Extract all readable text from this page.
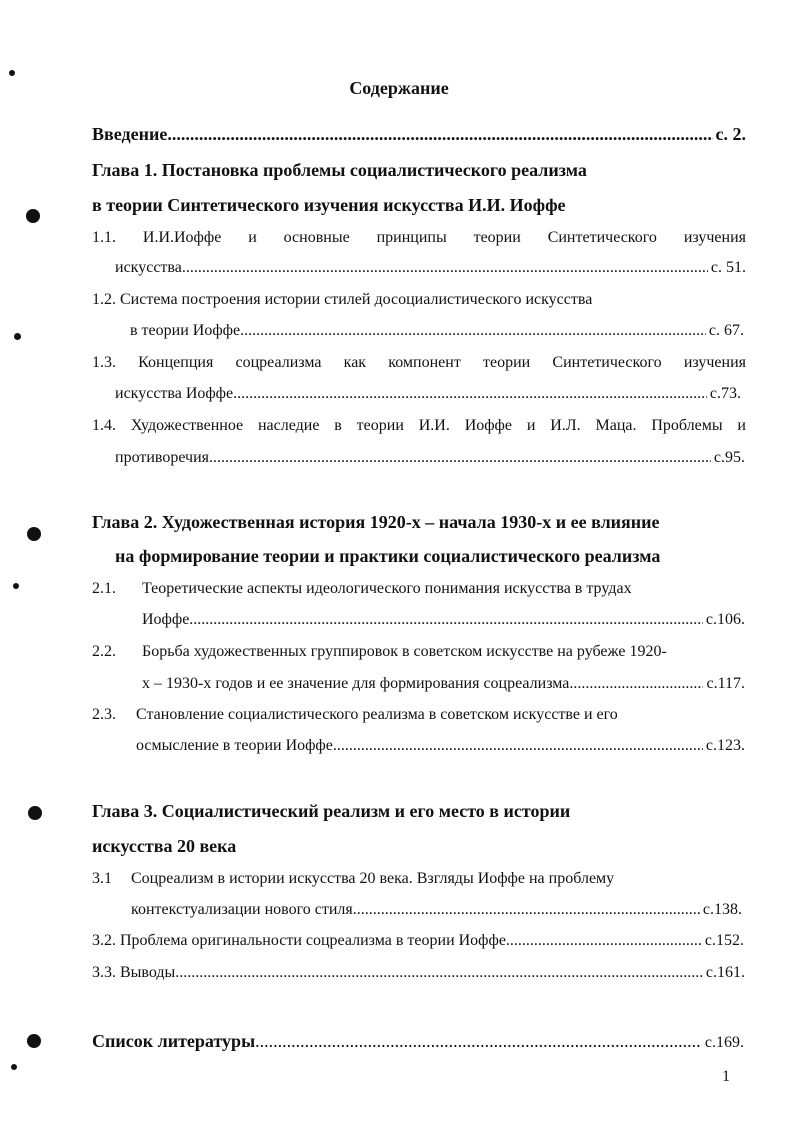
Содержание
Введение .....	с. 2.
Глава 1. Постановка проблемы социалистического реализма
в теории Синтетического изучения искусства И.И. Иоффе
1.1. И.И.Иоффе и основные принципы теории Синтетического изучения
искусства .....	с. 51.
1.2. Система построения истории стилей досоциалистического искусства
в теории Иоффе .....	с. 67.
1.3. Концепция соцреализма как компонент теории Синтетического изучения
искусства Иоффе .....	с.73.
1.4. Художественное наследие в теории И.И. Иоффе и И.Л. Маца. Проблемы и
противоречия .....	с.95.
Глава 2. Художественная история 1920-х – начала 1930-х и ее влияние
на формирование теории и практики социалистического реализма
2.1.	Теоретические аспекты идеологического понимания искусства в трудах
Иоффе .....	с.106.
2.2.	Борьба художественных группировок в советском искусстве на рубеже 1920-
х – 1930-х годов и ее значение для формирования соцреализма .....	с.117.
2.3.	Становление социалистического реализма в советском искусстве и его
осмысление в теории Иоффе .....	с.123.
Глава 3. Социалистический реализм и его место в истории
искусства 20 века
3.1	Соцреализм в истории искусства 20 века. Взгляды Иоффе на проблему
контекстуализации нового стиля .....	с.138.
3.2. Проблема оригинальности соцреализма в теории Иоффе .....	с.152.
3.3. Выводы .....	с.161.
Список литературы .....	с.169.
1
